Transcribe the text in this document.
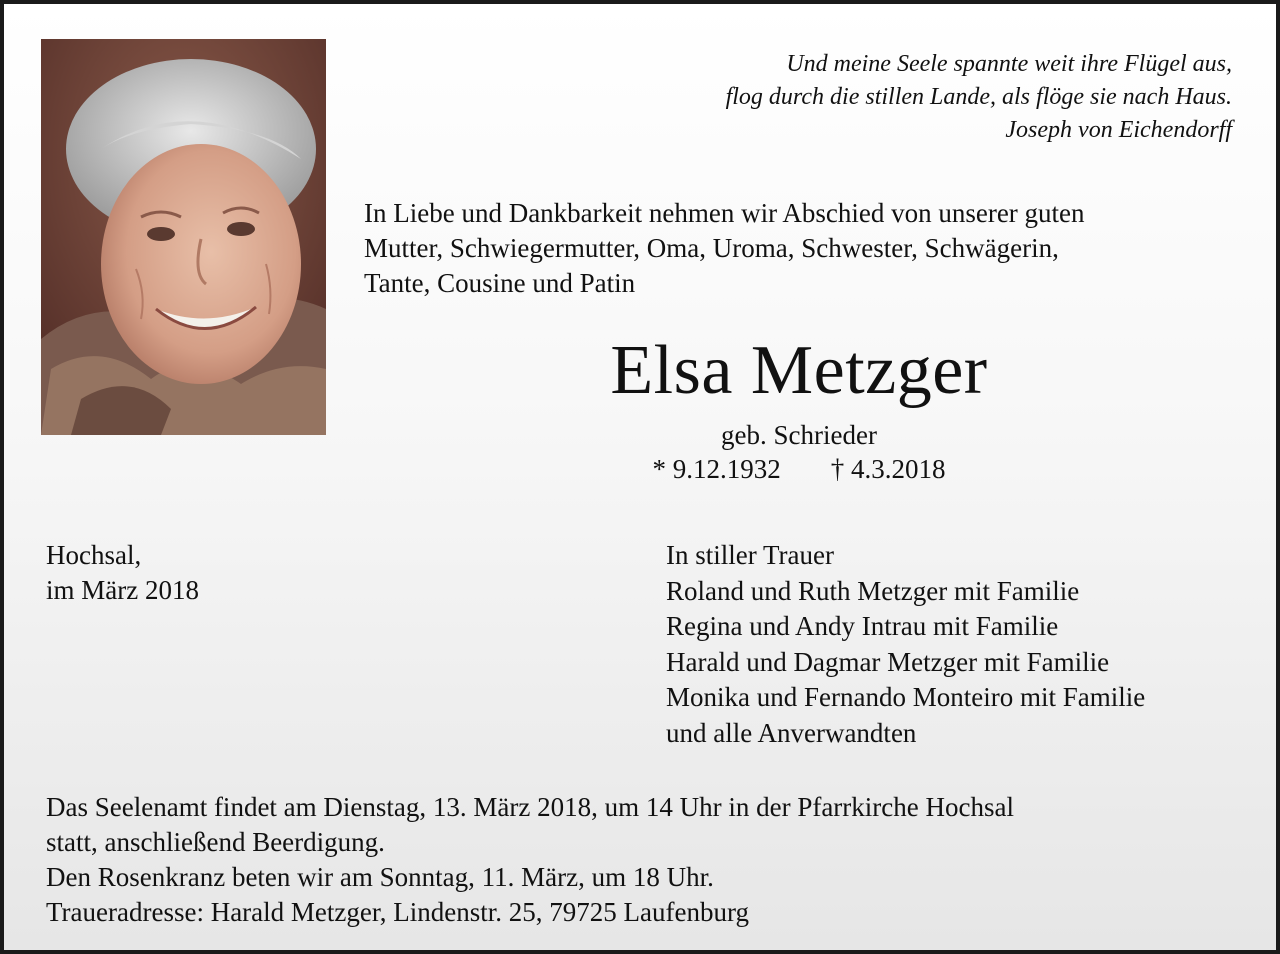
Und meine Seele spannte weit ihre Flügel aus,
flog durch die stillen Lande, als flöge sie nach Haus.
Joseph von Eichendorff
In Liebe und Dankbarkeit nehmen wir Abschied von unserer guten
Mutter, Schwiegermutter, Oma, Uroma, Schwester, Schwägerin,
Tante, Cousine und Patin
Elsa Metzger
geb. Schrieder
* 9.12.1932 † 4.3.2018
Hochsal,
im März 2018
In stiller Trauer
Roland und Ruth Metzger mit Familie
Regina und Andy Intrau mit Familie
Harald und Dagmar Metzger mit Familie
Monika und Fernando Monteiro mit Familie
und alle Anverwandten
Das Seelenamt findet am Dienstag, 13. März 2018, um 14 Uhr in der Pfarrkirche Hochsal
statt, anschließend Beerdigung.
Den Rosenkranz beten wir am Sonntag, 11. März, um 18 Uhr.
Traueradresse: Harald Metzger, Lindenstr. 25, 79725 Laufenburg
